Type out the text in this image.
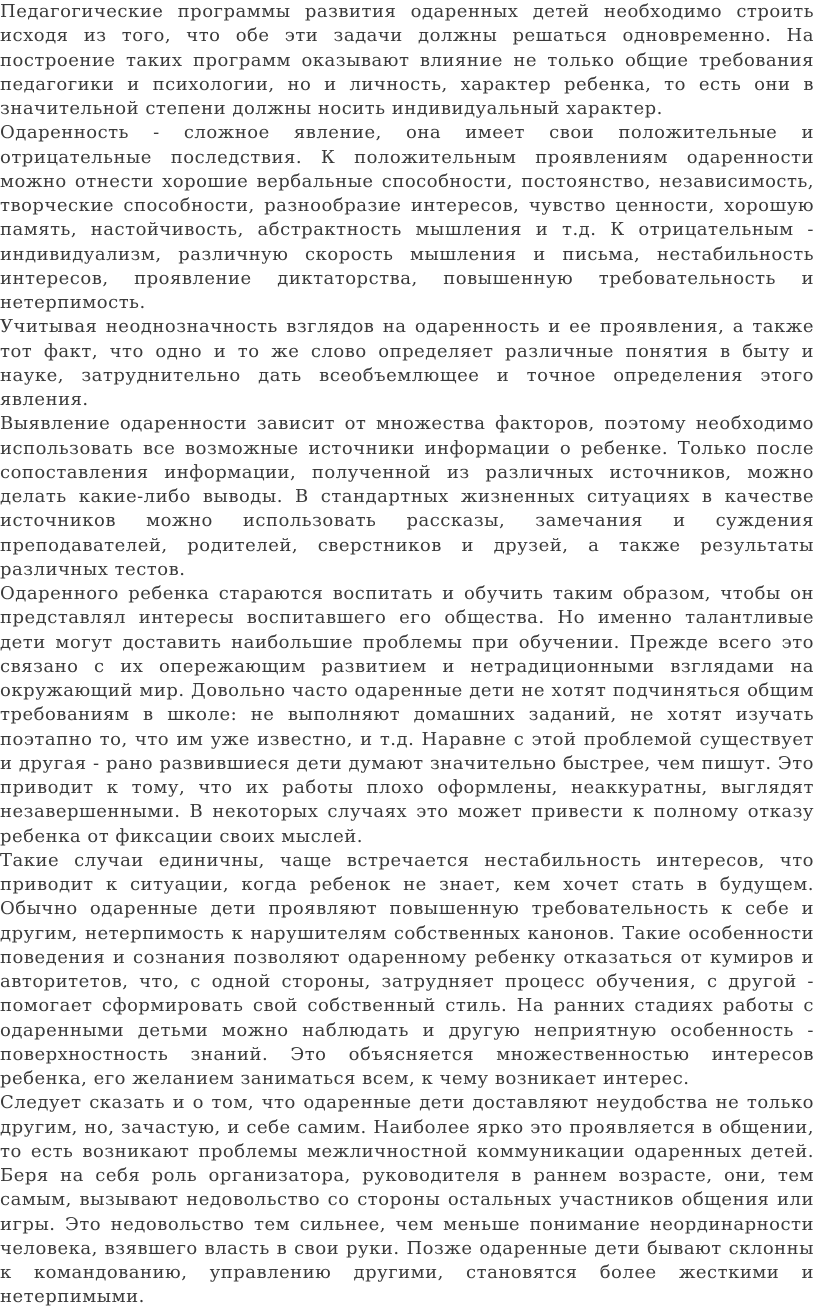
Педагогические программы развития одаренных детей необходимо строить исходя из того, что обе эти задачи должны решаться одновременно. На построение таких программ оказывают влияние не только общие требования педагогики и психологии, но и личность, характер ребенка, то есть они в значительной степени должны носить индивидуальный характер.

Одаренность - сложное явление, она имеет свои положительные и отрицательные последствия. К положительным проявлениям одаренности можно отнести хорошие вербальные способности, постоянство, независимость, творческие способности, разнообразие интересов, чувство ценности, хорошую память, настойчивость, абстрактность мышления и т.д. К отрицательным - индивидуализм, различную скорость мышления и письма, нестабильность интересов, проявление диктаторства, повышенную требовательность и нетерпимость.

Учитывая неоднозначность взглядов на одаренность и ее проявления, а также тот факт, что одно и то же слово определяет различные понятия в быту и науке, затруднительно дать всеобъемлющее и точное определения этого явления.

Выявление одаренности зависит от множества факторов, поэтому необходимо использовать все возможные источники информации о ребенке. Только после сопоставления информации, полученной из различных источников, можно делать какие-либо выводы. В стандартных жизненных ситуациях в качестве источников можно использовать рассказы, замечания и суждения преподавателей, родителей, сверстников и друзей, а также результаты различных тестов.

Одаренного ребенка стараются воспитать и обучить таким образом, чтобы он представлял интересы воспитавшего его общества. Но именно талантливые дети могут доставить наибольшие проблемы при обучении. Прежде всего это связано с их опережающим развитием и нетрадиционными взглядами на окружающий мир. Довольно часто одаренные дети не хотят подчиняться общим требованиям в школе: не выполняют домашних заданий, не хотят изучать поэтапно то, что им уже известно, и т.д. Наравне с этой проблемой существует и другая - рано развившиеся дети думают значительно быстрее, чем пишут. Это приводит к тому, что их работы плохо оформлены, неаккуратны, выглядят незавершенными. В некоторых случаях это может привести к полному отказу ребенка от фиксации своих мыслей.

Такие случаи единичны, чаще встречается нестабильность интересов, что приводит к ситуации, когда ребенок не знает, кем хочет стать в будущем. Обычно одаренные дети проявляют повышенную требовательность к себе и другим, нетерпимость к нарушителям собственных канонов. Такие особенности поведения и сознания позволяют одаренному ребенку отказаться от кумиров и авторитетов, что, с одной стороны, затрудняет процесс обучения, с другой - помогает сформировать свой собственный стиль. На ранних стадиях работы с одаренными детьми можно наблюдать и другую неприятную особенность - поверхностность знаний. Это объясняется множественностью интересов ребенка, его желанием заниматься всем, к чему возникает интерес.

Следует сказать и о том, что одаренные дети доставляют неудобства не только другим, но, зачастую, и себе самим. Наиболее ярко это проявляется в общении, то есть возникают проблемы межличностной коммуникации одаренных детей. Беря на себя роль организатора, руководителя в раннем возрасте, они, тем самым, вызывают недовольство со стороны остальных участников общения или игры. Это недовольство тем сильнее, чем меньше понимание неординарности человека, взявшего власть в свои руки. Позже одаренные дети бывают склонны к командованию, управлению другими, становятся более жесткими и нетерпимыми.
